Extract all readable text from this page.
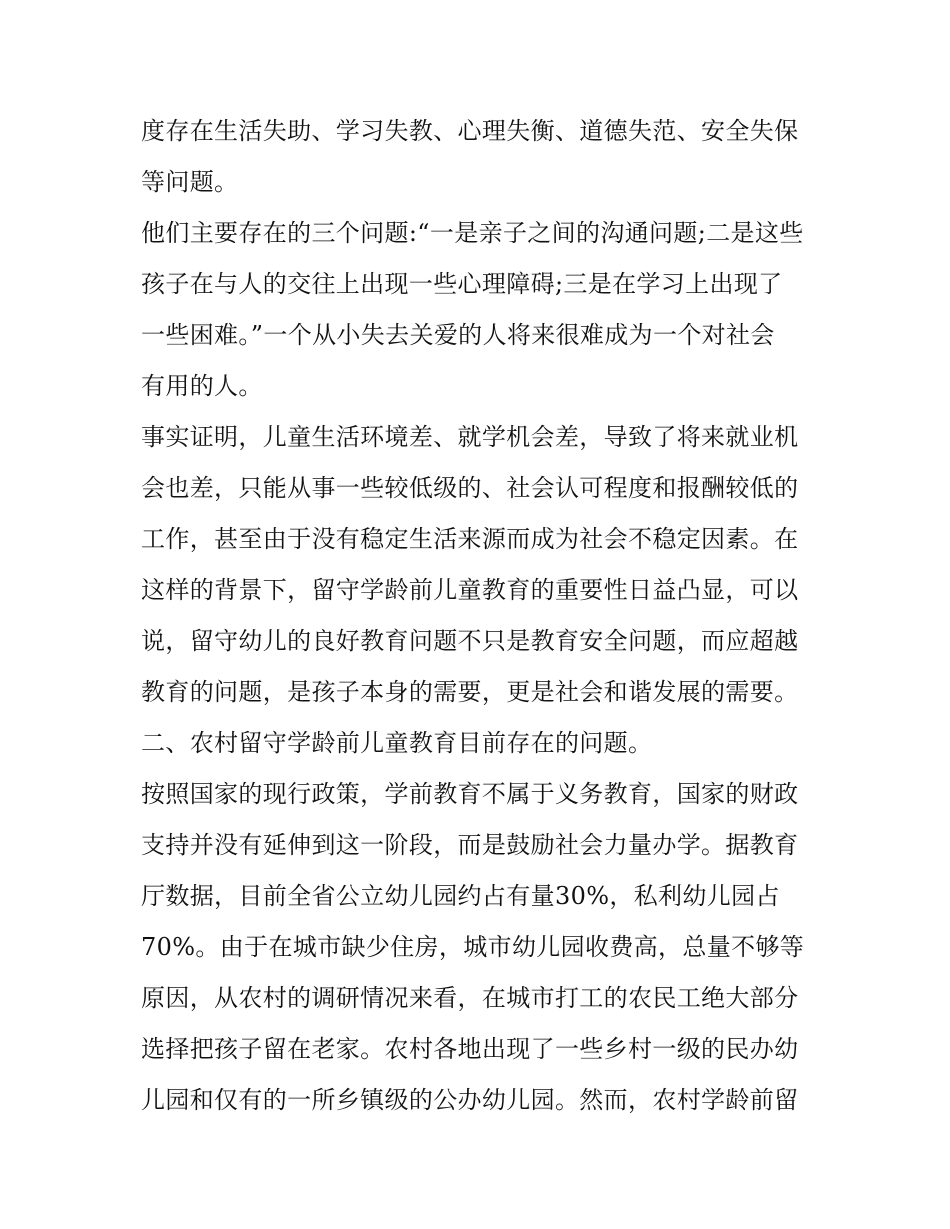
度存在生活失助、学习失教、心理失衡、道德失范、安全失保
等问题。
他们主要存在的三个问题:“一是亲子之间的沟通问题;二是这些
孩子在与人的交往上出现一些心理障碍;三是在学习上出现了
一些困难。”一个从小失去关爱的人将来很难成为一个对社会
有用的人。
事实证明，儿童生活环境差、就学机会差，导致了将来就业机
会也差，只能从事一些较低级的、社会认可程度和报酬较低的
工作，甚至由于没有稳定生活来源而成为社会不稳定因素。在
这样的背景下，留守学龄前儿童教育的重要性日益凸显，可以
说，留守幼儿的良好教育问题不只是教育安全问题，而应超越
教育的问题，是孩子本身的需要，更是社会和谐发展的需要。
二、农村留守学龄前儿童教育目前存在的问题。
按照国家的现行政策，学前教育不属于义务教育，国家的财政
支持并没有延伸到这一阶段，而是鼓励社会力量办学。据教育
厅数据，目前全省公立幼儿园约占有量30%，私利幼儿园占
70%。由于在城市缺少住房，城市幼儿园收费高，总量不够等
原因，从农村的调研情况来看，在城市打工的农民工绝大部分
选择把孩子留在老家。农村各地出现了一些乡村一级的民办幼
儿园和仅有的一所乡镇级的公办幼儿园。然而，农村学龄前留
